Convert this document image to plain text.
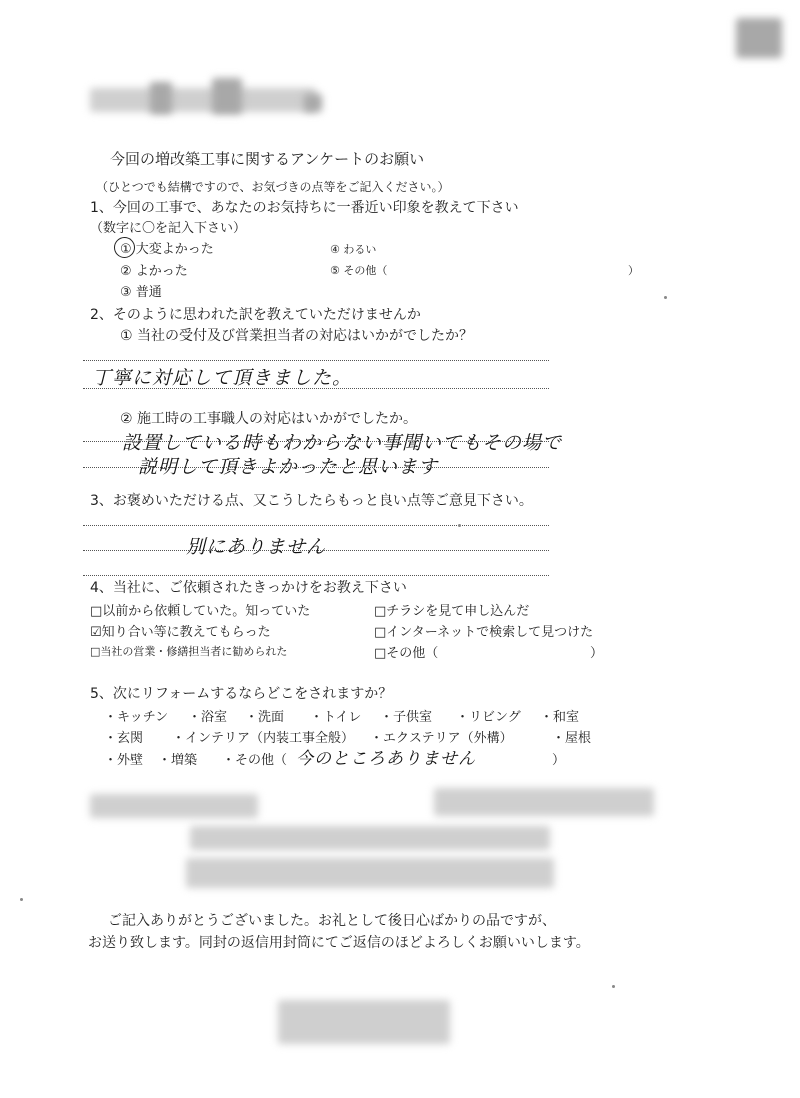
今回の増改築工事に関するアンケートのお願い
（ひとつでも結構ですので、お気づきの点等をご記入ください。）
1、今回の工事で、あなたのお気持ちに一番近い印象を教えて下さい
（数字に〇を記入下さい）
① 大変よかった
② よかった
③ 普通
④ わるい
⑤ その他（	）
2、そのように思われた訳を教えていただけませんか
① 当社の受付及び営業担当者の対応はいかがでしたか？
丁寧に対応して頂きました。
② 施工時の工事職人の対応はいかがでしたか。
設置している時もわからない事聞いてもその場で
説明して頂きよかったと思います
3、お褒めいただける点、又こうしたらもっと良い点等ご意見下さい。
別にありません
4、当社に、ご依頼されたきっかけをお教え下さい
□以前から依頼していた。知っていた
☑知り合い等に教えてもらった
□当社の営業・修繕担当者に勧められた
□チラシを見て申し込んだ
□インターネットで検索して見つけた
□その他（	）
5、次にリフォームするならどこをされますか？
・キッチン ・浴室 ・洗面 ・トイレ ・子供室 ・リビング ・和室
・玄関 ・インテリア（内装工事全般） ・エクステリア（外構）	・屋根
・外壁 ・増築 ・その他（ 今のところありません	）
ご記入ありがとうございました。お礼として後日心ばかりの品ですが、
お送り致します。同封の返信用封筒にてご返信のほどよろしくお願いいします。
